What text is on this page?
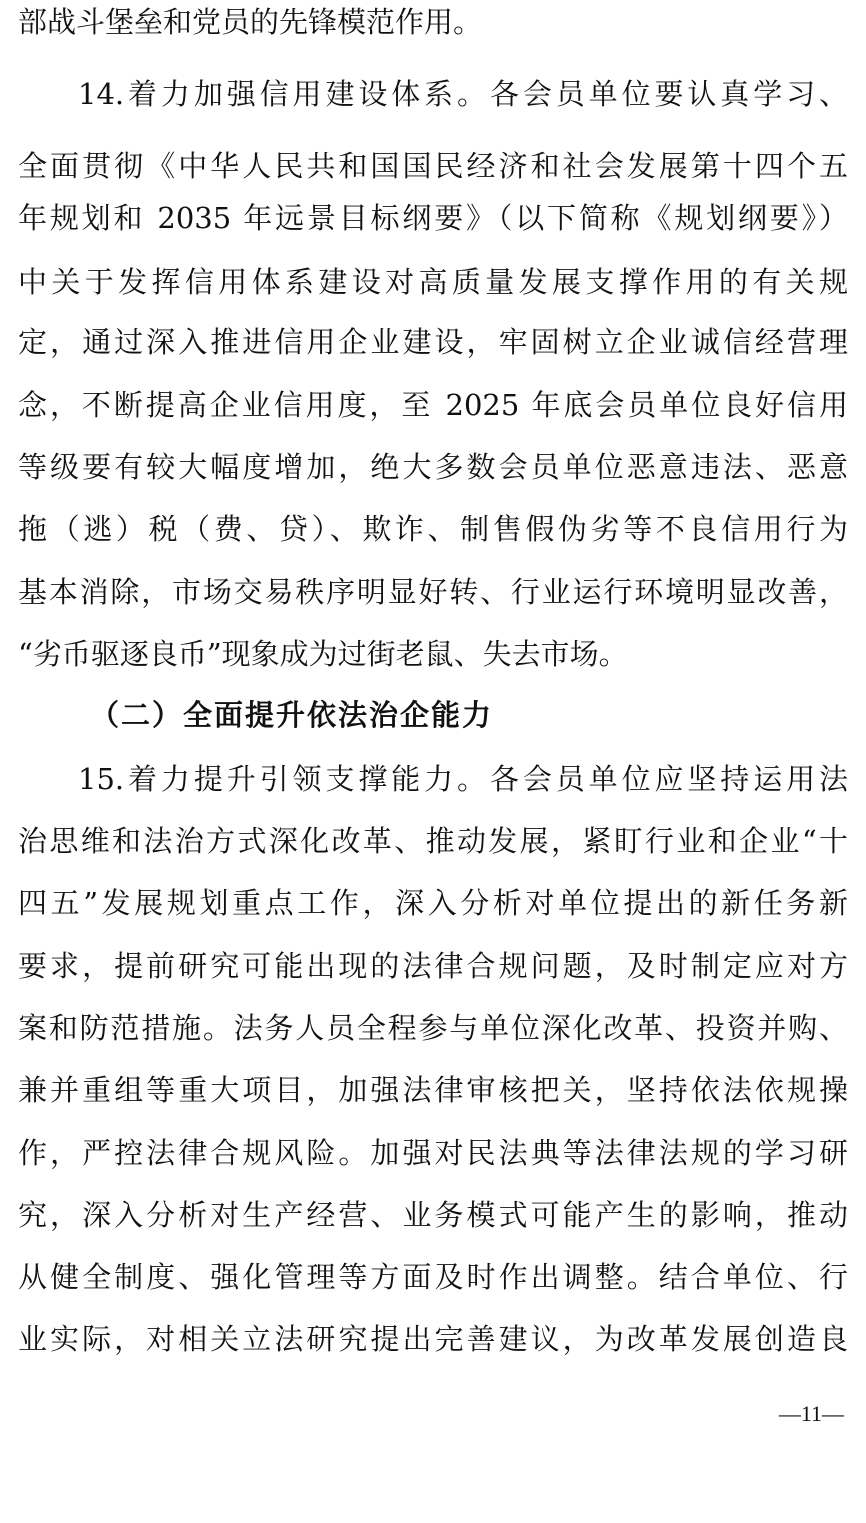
部战斗堡垒和党员的先锋模范作用。
14.着力加强信用建设体系。各会员单位要认真学习、
全面贯彻《中华人民共和国国民经济和社会发展第十四个五
年规划和 2035 年远景目标纲要》（以下简称《规划纲要》）
中关于发挥信用体系建设对高质量发展支撑作用的有关规
定，通过深入推进信用企业建设，牢固树立企业诚信经营理
念，不断提高企业信用度，至 2025 年底会员单位良好信用
等级要有较大幅度增加，绝大多数会员单位恶意违法、恶意
拖（逃）税（费、贷）、欺诈、制售假伪劣等不良信用行为
基本消除，市场交易秩序明显好转、行业运行环境明显改善，
“劣币驱逐良币”现象成为过街老鼠、失去市场。
（二）全面提升依法治企能力
15.着力提升引领支撑能力。各会员单位应坚持运用法
治思维和法治方式深化改革、推动发展，紧盯行业和企业“十
四五”发展规划重点工作，深入分析对单位提出的新任务新
要求，提前研究可能出现的法律合规问题，及时制定应对方
案和防范措施。法务人员全程参与单位深化改革、投资并购、
兼并重组等重大项目，加强法律审核把关，坚持依法依规操
作，严控法律合规风险。加强对民法典等法律法规的学习研
究，深入分析对生产经营、业务模式可能产生的影响，推动
从健全制度、强化管理等方面及时作出调整。结合单位、行
业实际，对相关立法研究提出完善建议，为改革发展创造良
—11—
